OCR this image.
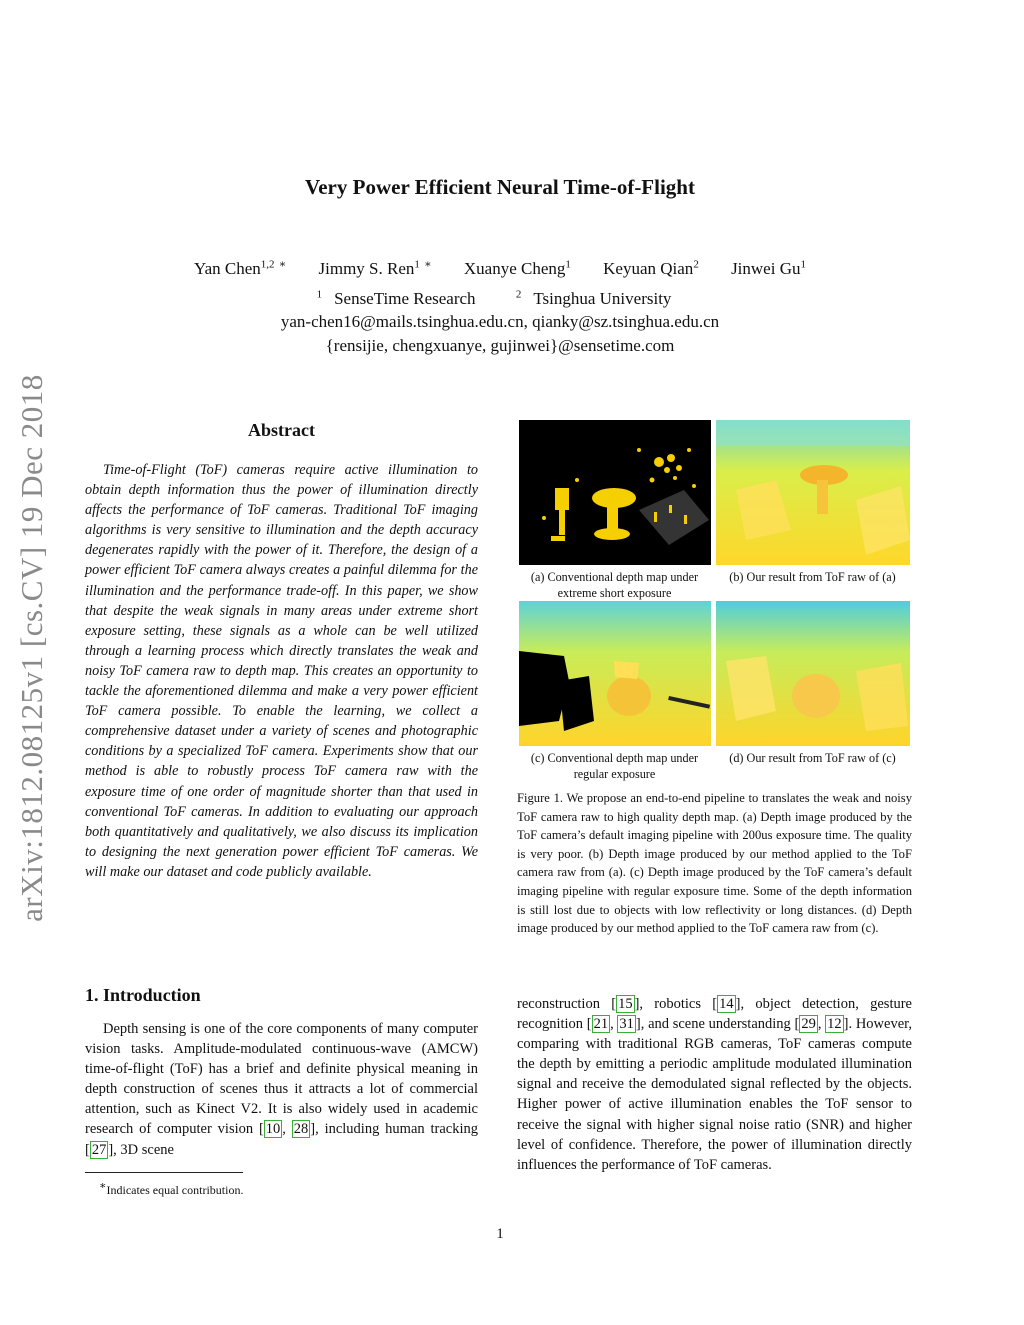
arXiv:1812.08125v1 [cs.CV] 19 Dec 2018
Very Power Efficient Neural Time-of-Flight
Yan Chen$^{1,2}$ ∗ Jimmy S. Ren$^1$ ∗ Xuanye Cheng$^1$ Keyuan Qian$^2$ Jinwei Gu$^1$
$^1$ SenseTime Research	$^2$ Tsinghua University
yan-chen16@mails.tsinghua.edu.cn, qianky@sz.tsinghua.edu.cn
{rensijie, chengxuanye, gujinwei}@sensetime.com
Abstract
Time-of-Flight (ToF) cameras require active illumination to obtain depth information thus the power of illumination directly affects the performance of ToF cameras. Traditional ToF imaging algorithms is very sensitive to illumination and the depth accuracy degenerates rapidly with the power of it. Therefore, the design of a power efficient ToF camera always creates a painful dilemma for the illumination and the performance trade-off. In this paper, we show that despite the weak signals in many areas under extreme short exposure setting, these signals as a whole can be well utilized through a learning process which directly translates the weak and noisy ToF camera raw to depth map. This creates an opportunity to tackle the aforementioned dilemma and make a very power efficient ToF camera possible. To enable the learning, we collect a comprehensive dataset under a variety of scenes and photographic conditions by a specialized ToF camera. Experiments show that our method is able to robustly process ToF camera raw with the exposure time of one order of magnitude shorter than that used in conventional ToF cameras. In addition to evaluating our approach both quantitatively and qualitatively, we also discuss its implication to designing the next generation power efficient ToF cameras. We will make our dataset and code publicly available.
(a) Conventional depth map under extreme short exposure
(b) Our result from ToF raw of (a)
(c) Conventional depth map under regular exposure
(d) Our result from ToF raw of (c)
Figure 1. We propose an end-to-end pipeline to translates the weak and noisy ToF camera raw to high quality depth map. (a) Depth image produced by the ToF camera’s default imaging pipeline with 200us exposure time. The quality is very poor. (b) Depth image produced by our method applied to the ToF camera raw from (a). (c) Depth image produced by the ToF camera’s default imaging pipeline with regular exposure time. Some of the depth information is still lost due to objects with low reflectivity or long distances. (d) Depth image produced by our method applied to the ToF camera raw from (c).
1. Introduction
Depth sensing is one of the core components of many computer vision tasks. Amplitude-modulated continuous-wave (AMCW) time-of-flight (ToF) has a brief and definite physical meaning in depth construction of scenes thus it attracts a lot of commercial attention, such as Kinect V2. It is also widely used in academic research of computer vision [ 10 , 28 ], including human tracking [ 27 ], 3D scene
reconstruction [ 15 ], robotics [ 14 ], object detection, gesture recognition [ 21 , 31 ], and scene understanding [ 29 , 12 ]. However, comparing with traditional RGB cameras, ToF cameras compute the depth by emitting a periodic amplitude modulated illumination signal and receive the demodulated signal reflected by the objects. Higher power of active illumination enables the ToF sensor to receive the signal with higher signal noise ratio (SNR) and higher level of confidence. Therefore, the power of illumination directly influences the performance of ToF cameras.
∗Indicates equal contribution.
1
